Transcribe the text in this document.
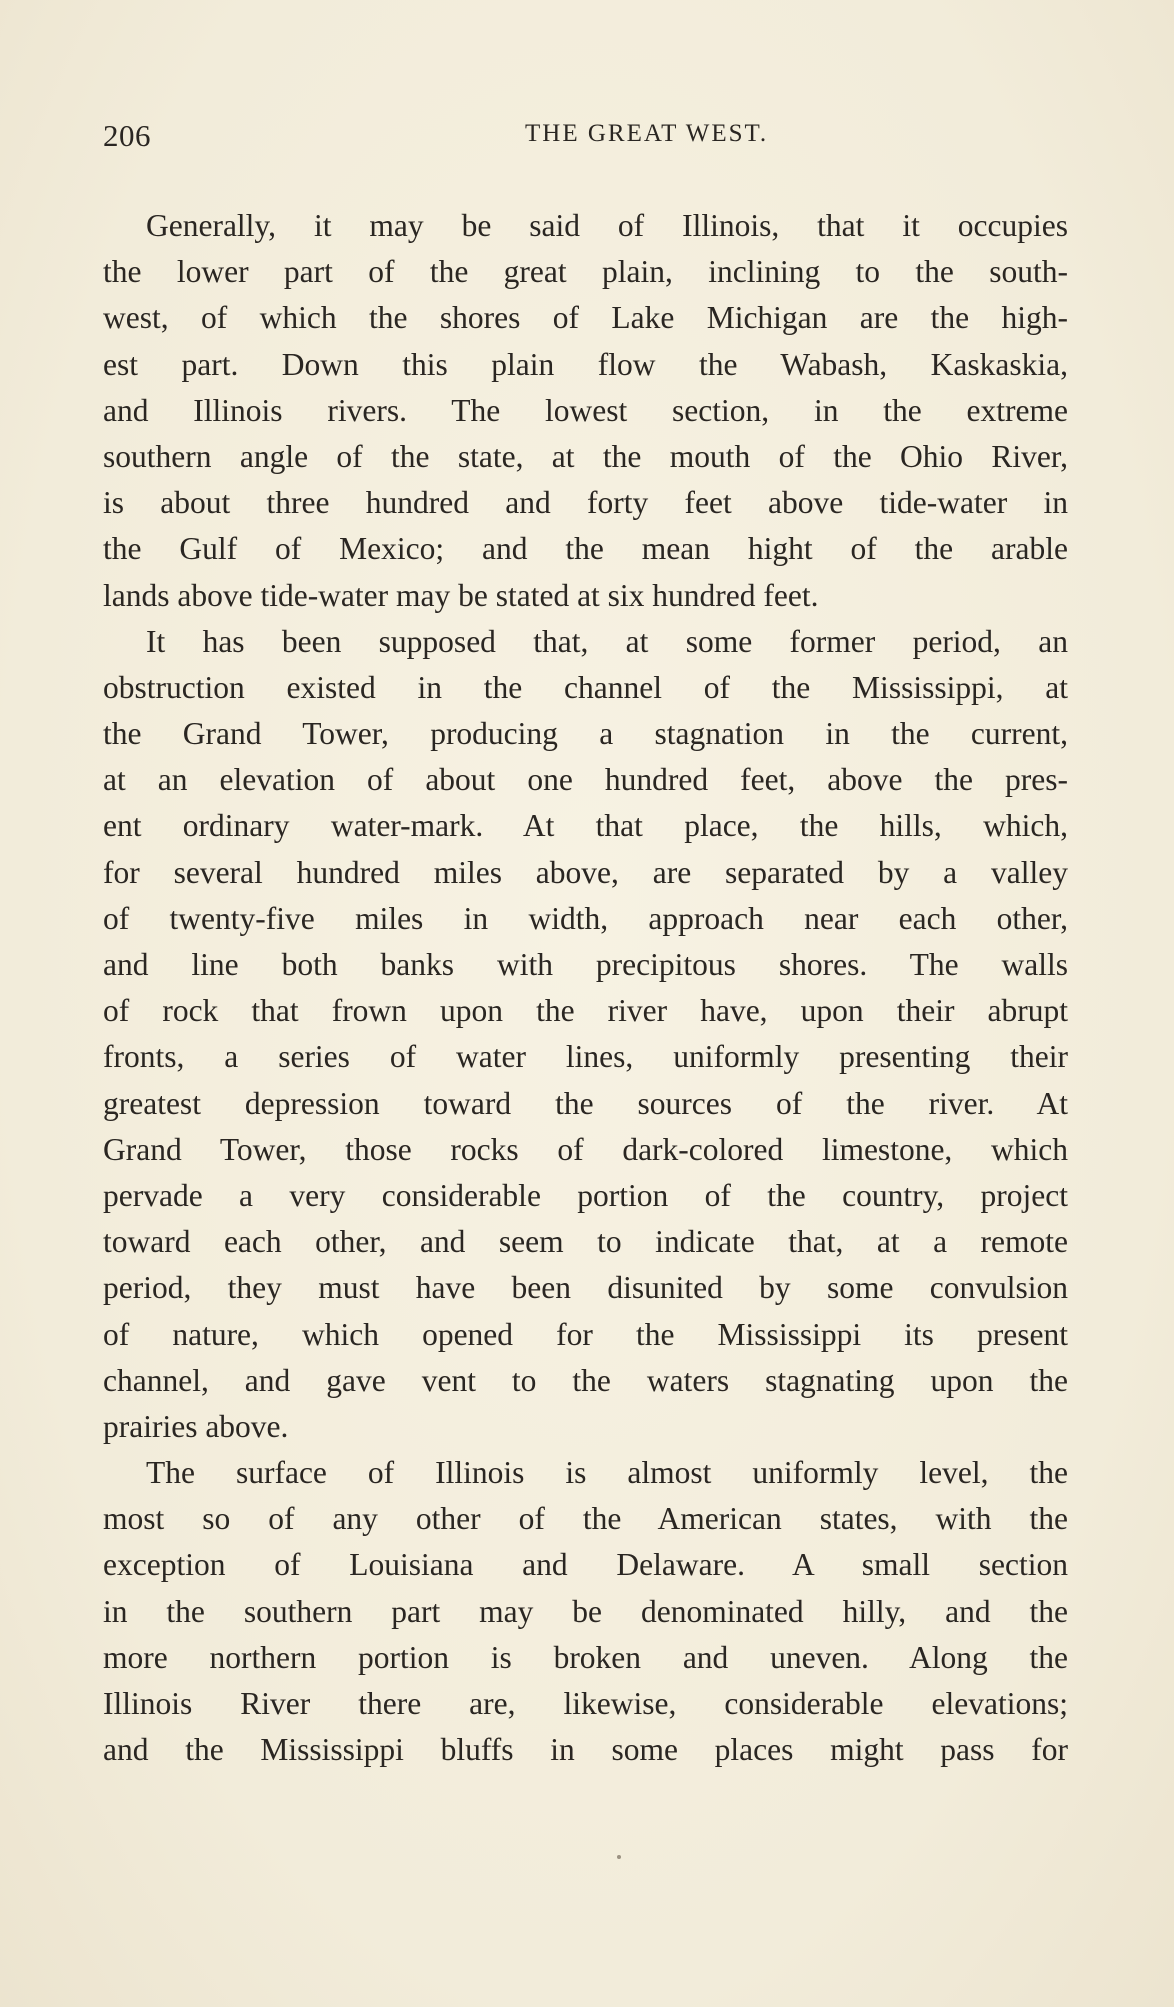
206	THE GREAT WEST.
Generally, it may be said of Illinois, that it occupies
the lower part of the great plain, inclining to the south-
west, of which the shores of Lake Michigan are the high-
est part. Down this plain flow the Wabash, Kaskaskia,
and Illinois rivers. The lowest section, in the extreme
southern angle of the state, at the mouth of the Ohio River,
is about three hundred and forty feet above tide-water in
the Gulf of Mexico; and the mean hight of the arable
lands above tide-water may be stated at six hundred feet.
It has been supposed that, at some former period, an
obstruction existed in the channel of the Mississippi, at
the Grand Tower, producing a stagnation in the current,
at an elevation of about one hundred feet, above the pres-
ent ordinary water-mark. At that place, the hills, which,
for several hundred miles above, are separated by a valley
of twenty-five miles in width, approach near each other,
and line both banks with precipitous shores. The walls
of rock that frown upon the river have, upon their abrupt
fronts, a series of water lines, uniformly presenting their
greatest depression toward the sources of the river. At
Grand Tower, those rocks of dark-colored limestone, which
pervade a very considerable portion of the country, project
toward each other, and seem to indicate that, at a remote
period, they must have been disunited by some convulsion
of nature, which opened for the Mississippi its present
channel, and gave vent to the waters stagnating upon the
prairies above.
The surface of Illinois is almost uniformly level, the
most so of any other of the American states, with the
exception of Louisiana and Delaware. A small section
in the southern part may be denominated hilly, and the
more northern portion is broken and uneven. Along the
Illinois River there are, likewise, considerable elevations;
and the Mississippi bluffs in some places might pass for
